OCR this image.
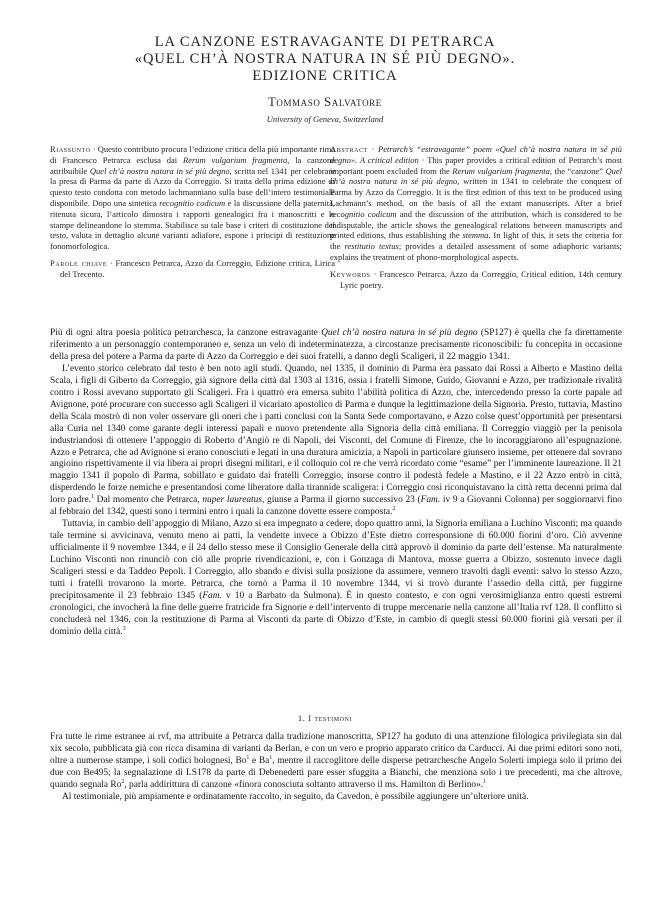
LA CANZONE ESTRAVAGANTE DI PETRARCA
«QUEL CH’À NOSTRA NATURA IN SÉ PIÙ DEGNO».
EDIZIONE CRITICA
Tommaso Salvatore
University of Geneva, Switzerland
Riassunto · Questo contributo procura l’edizione critica della più importante rima di Francesco Petrarca esclusa dai Rerum vulgarium fragmenta, la canzone attribuibile Quel ch’à nostra natura in sé più degno, scritta nel 1341 per celebrare la presa di Parma da parte di Azzo da Correggio. Si tratta della prima edizione di questo testo condotta con metodo lachmanniano sulla base dell’intero testimoniale disponibile. Dopo una sintetica recognitio codicum e la discussione della paternità, ritenuta sicura, l’articolo dimostra i rapporti genealogici fra i manoscritti e le stampe delineandone lo stemma. Stabilisce su tale base i criteri di costituzione del testo, valuta in dettaglio alcune varianti adiafore, espone i principi di restituzione fonomorfologica.
Parole chiave · Francesco Petrarca, Azzo da Correggio, Edizione critica, Lirica del Trecento.
Abstract · Petrarch’s “estravagante” poem «Quel ch’à nostra natura in sé più degno». A critical edition · This paper provides a critical edition of Petrarch’s most important poem excluded from the Rerum vulgarium fragmenta, the “canzone” Quel ch’à nostra natura in sé più degno, written in 1341 to celebrate the conquest of Parma by Azzo da Correggio. It is the first edition of this text to be produced using Lachmann’s method, on the basis of all the extant manuscripts. After a brief recognitio codicum and the discussion of the attribution, which is considered to be indisputable, the article shows the genealogical relations between manuscripts and printed editions, thus establishing the stemma. In light of this, it sets the criteria for the restitutio textus; provides a detailed assessment of some adiaphoric variants; explains the treatment of phono-morphological aspects.
Keywords · Francesco Petrarca, Azzo da Correggio, Critical edition, 14th century Lyric poetry.

Più di ogni altra poesia politica petrarchesca, la canzone estravagante Quel ch’à nostra natura in sé più degno (SP127) è quella che fa direttamente riferimento a un personaggio contemporaneo e, senza un velo di indeterminatezza, a circostanze precisamente riconoscibili: fu concepita in occasione della presa del potere a Parma da parte di Azzo da Correggio e dei suoi fratelli, a danno degli Scaligeri, il 22 maggio 1341.

L’evento storico celebrato dal testo è ben noto agli studi. Quando, nel 1335, il dominio di Parma era passato dai Rossi a Alberto e Mastino della Scala, i figli di Giberto da Correggio, già signore della città dal 1303 al 1316, ossia i fratelli Simone, Guido, Giovanni e Azzo, per tradizionale rivalità contro i Rossi avevano supportato gli Scaligeri. Fra i quattro era emersa subito l’abilità politica di Azzo, che, intercedendo presso la corte papale ad Avignone, poté procurare con successo agli Scaligeri il vicariato apostolico di Parma e dunque la legittimazione della Signoria. Presto, tuttavia, Mastino della Scala mostrò di non voler osservare gli oneri che i patti conclusi con la Santa Sede comportavano, e Azzo colse quest’opportunità per presentarsi alla Curia nel 1340 come garante degli interessi papali e nuovo pretendente alla Signoria della città emiliana. Il Correggio viaggiò per la penisola industriandosi di ottenere l’appoggio di Roberto d’Angiò re di Napoli, dei Visconti, del Comune di Firenze, che lo incoraggiarono all’espugnazione. Azzo e Petrarca, che ad Avignone si erano conosciuti e legati in una duratura amicizia, a Napoli in particolare giunsero insieme, per ottenere dal sovrano angioino rispettivamente il via libera ai propri disegni militari, e il colloquio col re che verrà ricordato come “esame” per l’imminente laureazione. Il 21 maggio 1341 il popolo di Parma, sobillato e guidato dai fratelli Correggio, insorse contro il podestà fedele a Mastino, e il 22 Azzo entrò in città, disperdendo le forze nemiche e presentandosi come liberatore dalla tirannide scaligera: i Correggio così riconquistavano la città retta decenni prima dal loro padre.$^1$ Dal momento che Petrarca, nuper laureatus, giunse a Parma il giorno successivo 23 (Fam. iv 9 a Giovanni Colonna) per soggiornarvi fino al febbraio del 1342, questi sono i termini entro i quali la canzone dovette essere composta.$^2$

Tuttavia, in cambio dell’appoggio di Milano, Azzo si era impegnato a cedere, dopo quattro anni, la Signoria emiliana a Luchino Visconti; ma quando tale termine si avvicinava, venuto meno ai patti, la vendette invece a Obizzo d’Este dietro corresponsione di 60.000 fiorini d’oro. Ciò avvenne ufficialmente il 9 novembre 1344, e il 24 dello stesso mese il Consiglio Generale della città approvò il dominio da parte dell’estense. Ma naturalmente Luchino Visconti non rinunciò con ciò alle proprie rivendicazioni, e, con i Gonzaga di Mantova, mosse guerra a Obizzo, sostenuto invece dagli Scaligeri stessi e da Taddeo Pepoli. I Correggio, allo sbando e divisi sulla posizione da assumere, vennero travolti dagli eventi: salvo lo stesso Azzo, tutti i fratelli trovarono la morte. Petrarca, che tornò a Parma il 10 novembre 1344, vi si trovò durante l’assedio della città, per fuggirne precipitosamente il 23 febbraio 1345 (Fam. v 10 a Barbato da Sulmona). È in questo contesto, e con ogni verosimiglianza entro questi estremi cronologici, che invocherà la fine delle guerre fratricide fra Signorie e dell’intervento di truppe mercenarie nella canzone all’Italia rvf 128. Il conflitto si concluderà nel 1346, con la restituzione di Parma al Visconti da parte di Obizzo d’Este, in cambio di quegli stessi 60.000 fiorini già versati per il dominio della città.$^3$

1. I testimoni

Fra tutte le rime estranee ai rvf, ma attribuite a Petrarca dalla tradizione manoscritta, SP127 ha goduto di una attenzione filologica privilegiata sin dal xix secolo, pubblicata già con ricca disamina di varianti da Berlan, e con un vero e proprio apparato critico da Carducci. Ai due primi editori sono noti, oltre a numerose stampe, i soli codici bolognesi, Bo$^1$ e Ba$^1$, mentre il raccoglitore delle disperse petrarchesche Angelo Solerti impiega solo il primo dei due con Be495; la segnalazione di LS178 da parte di Debenedetti pare esser sfuggita a Bianchi, che menziona solo i tre precedenti, ma che altrove, quando segnala Ro$^2$, parla addirittura di canzone «finora conosciuta soltanto attraverso il ms. Hamilton di Berlino».$^1$

Al testimoniale, più ampiamente e ordinatamente raccolto, in seguito, da Cavedon, è possibile aggiungere un’ulteriore unità.
